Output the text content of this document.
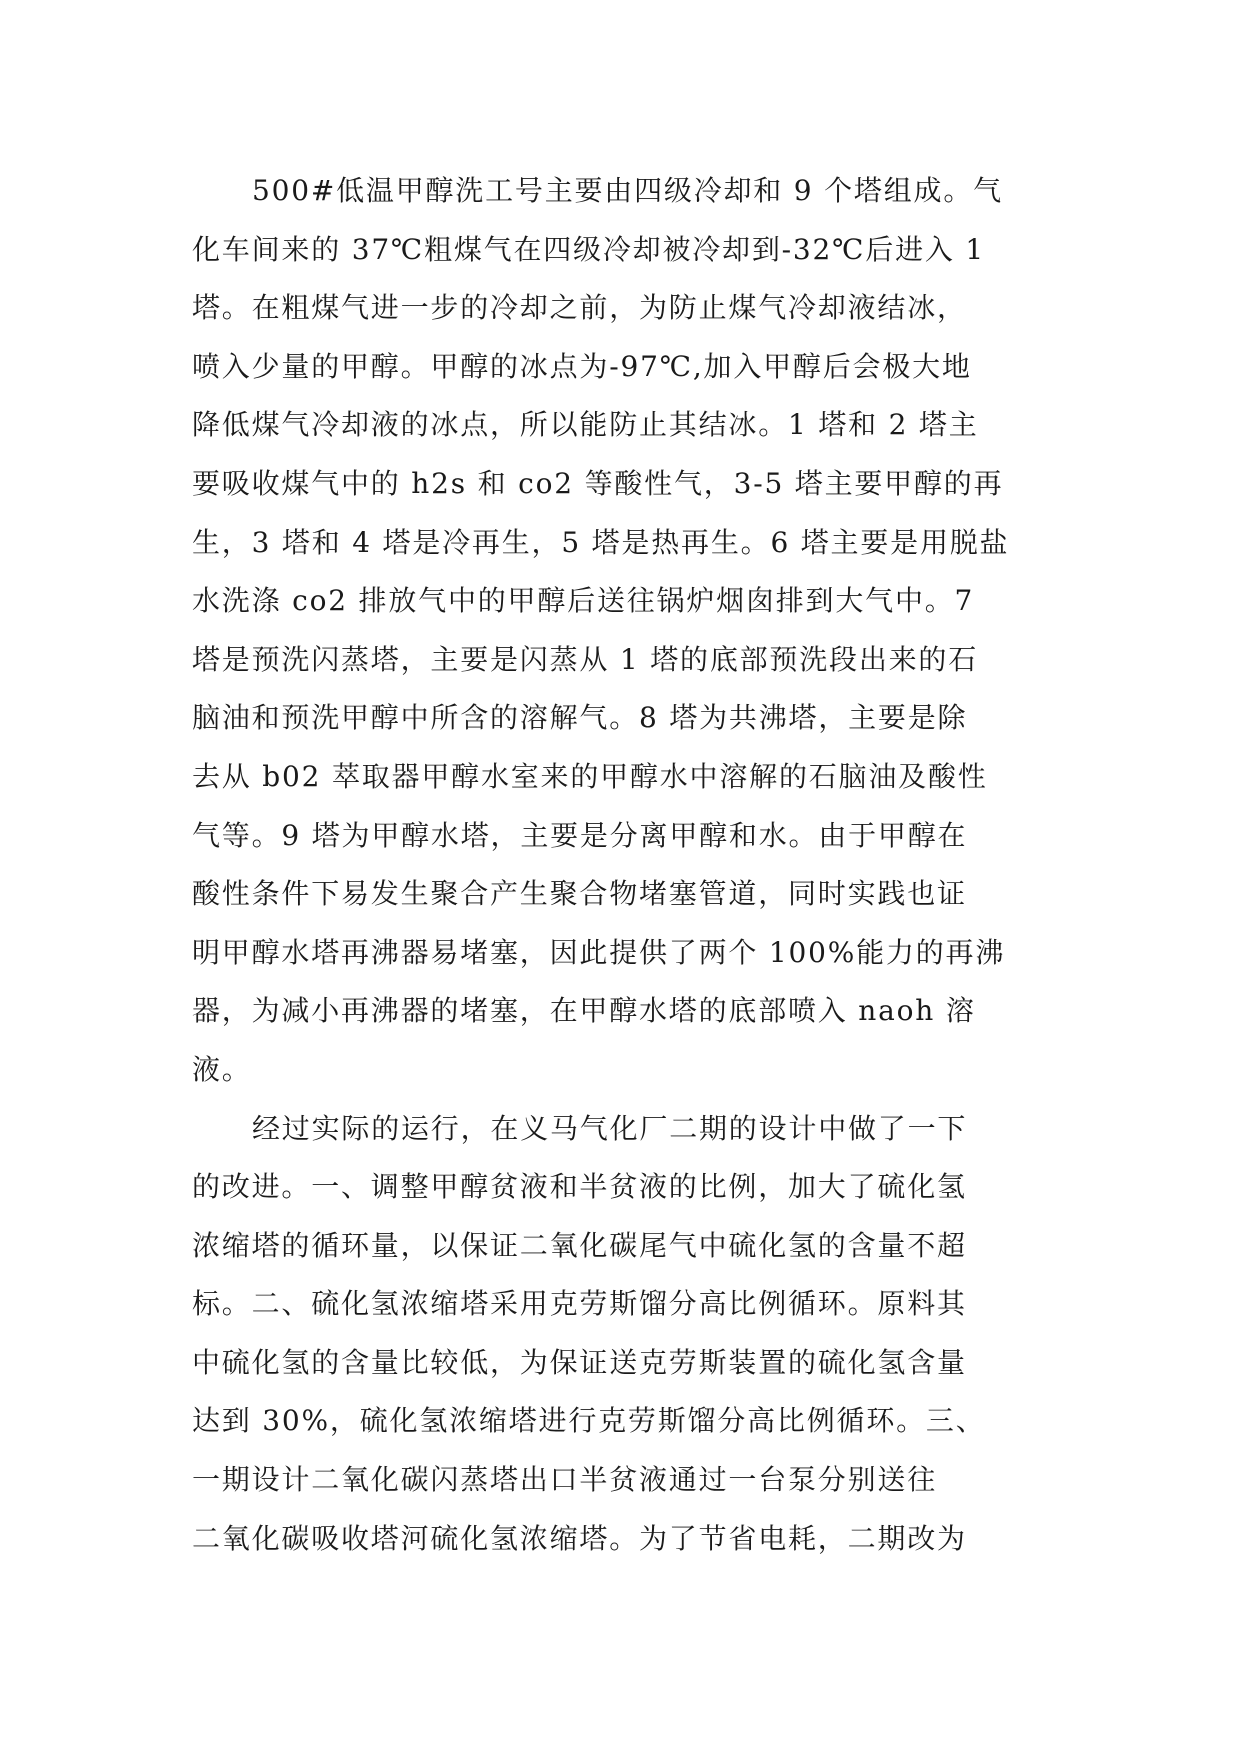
500#低温甲醇洗工号主要由四级冷却和 9 个塔组成。气
化车间来的 37℃粗煤气在四级冷却被冷却到-32℃后进入 1
塔。在粗煤气进一步的冷却之前，为防止煤气冷却液结冰，
喷入少量的甲醇。甲醇的冰点为-97℃,加入甲醇后会极大地
降低煤气冷却液的冰点，所以能防止其结冰。1 塔和 2 塔主
要吸收煤气中的 h2s 和 co2 等酸性气，3-5 塔主要甲醇的再
生，3 塔和 4 塔是冷再生，5 塔是热再生。6 塔主要是用脱盐
水洗涤 co2 排放气中的甲醇后送往锅炉烟囱排到大气中。7
塔是预洗闪蒸塔，主要是闪蒸从 1 塔的底部预洗段出来的石
脑油和预洗甲醇中所含的溶解气。8 塔为共沸塔，主要是除
去从 b02 萃取器甲醇水室来的甲醇水中溶解的石脑油及酸性
气等。9 塔为甲醇水塔，主要是分离甲醇和水。由于甲醇在
酸性条件下易发生聚合产生聚合物堵塞管道，同时实践也证
明甲醇水塔再沸器易堵塞，因此提供了两个 100%能力的再沸
器，为减小再沸器的堵塞，在甲醇水塔的底部喷入 naoh 溶
液。

经过实际的运行，在义马气化厂二期的设计中做了一下
的改进。一、调整甲醇贫液和半贫液的比例，加大了硫化氢
浓缩塔的循环量，以保证二氧化碳尾气中硫化氢的含量不超
标。二、硫化氢浓缩塔采用克劳斯馏分高比例循环。原料其
中硫化氢的含量比较低，为保证送克劳斯装置的硫化氢含量
达到 30%，硫化氢浓缩塔进行克劳斯馏分高比例循环。三、
一期设计二氧化碳闪蒸塔出口半贫液通过一台泵分别送往
二氧化碳吸收塔河硫化氢浓缩塔。为了节省电耗，二期改为
